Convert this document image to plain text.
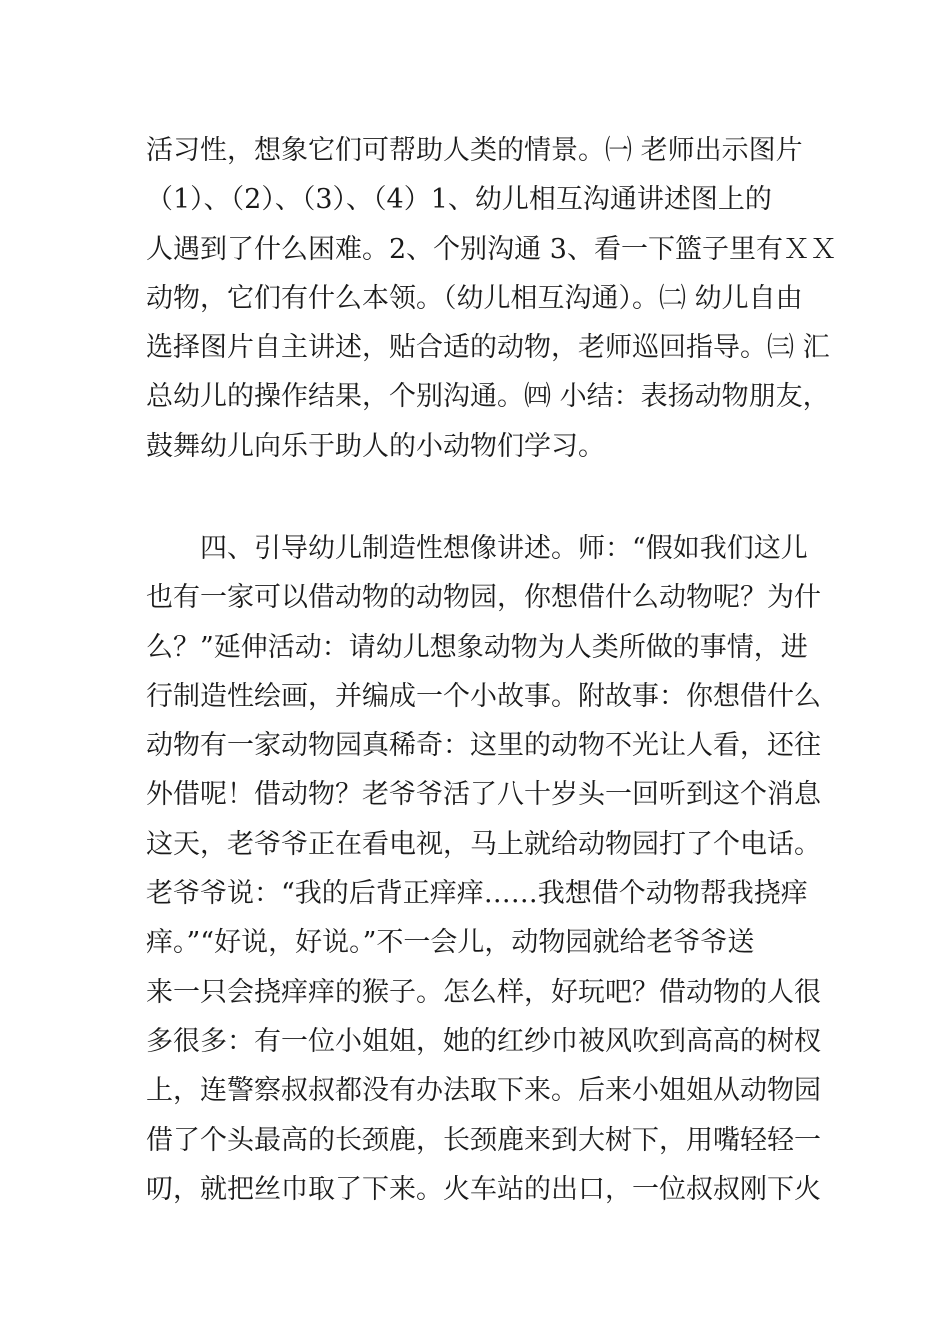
活习性，想象它们可帮助人类的情景。㈠ 老师出示图片
（1）、（2）、（3）、（4）1、幼儿相互沟通讲述图上的
人遇到了什么困难。2、个别沟通 3、看一下篮子里有ＸＸ
动物，它们有什么本领。（幼儿相互沟通）。㈡ 幼儿自由
选择图片自主讲述，贴合适的动物，老师巡回指导。㈢ 汇
总幼儿的操作结果，个别沟通。㈣ 小结：表扬动物朋友，
鼓舞幼儿向乐于助人的小动物们学习。
　　四、引导幼儿制造性想像讲述。师：“假如我们这儿
也有一家可以借动物的动物园，你想借什么动物呢？为什
么？”延伸活动：请幼儿想象动物为人类所做的事情，进
行制造性绘画，并编成一个小故事。附故事：你想借什么
动物有一家动物园真稀奇：这里的动物不光让人看，还往
外借呢！借动物？老爷爷活了八十岁头一回听到这个消息
这天，老爷爷正在看电视，马上就给动物园打了个电话。
老爷爷说：“我的后背正痒痒……我想借个动物帮我挠痒
痒。”“好说，好说。”不一会儿，动物园就给老爷爷送
来一只会挠痒痒的猴子。怎么样，好玩吧？借动物的人很
多很多：有一位小姐姐，她的红纱巾被风吹到高高的树杈
上，连警察叔叔都没有办法取下来。后来小姐姐从动物园
借了个头最高的长颈鹿，长颈鹿来到大树下，用嘴轻轻一
叨，就把丝巾取了下来。火车站的出口，一位叔叔刚下火
